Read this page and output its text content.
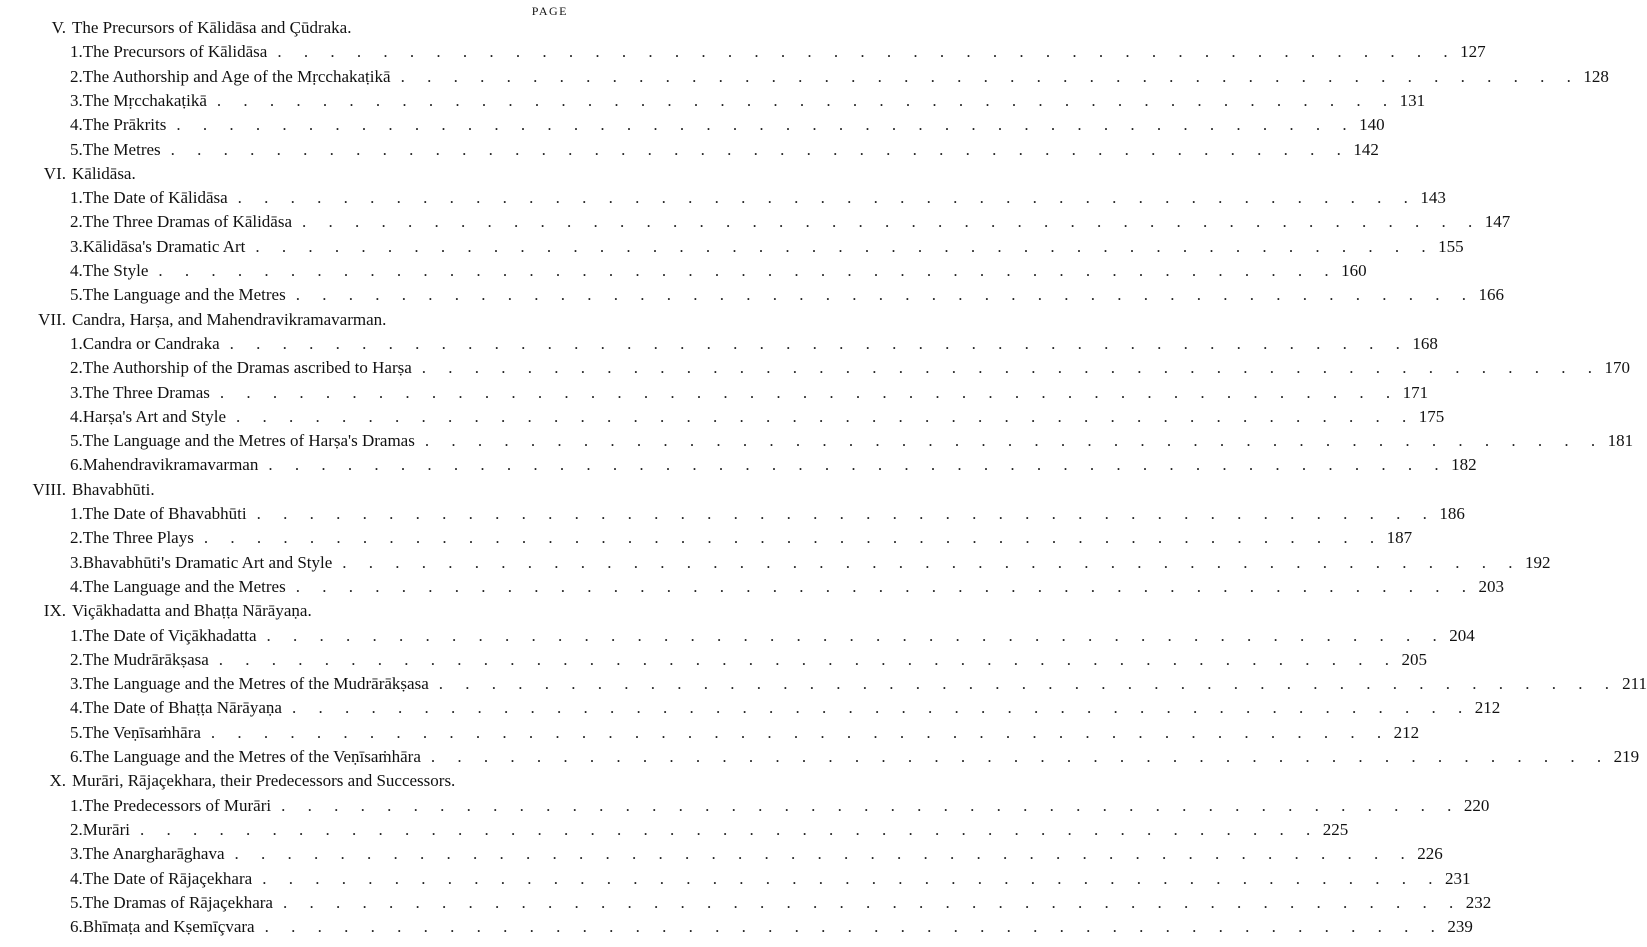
PAGE
V. The Precursors of Kālidāsa and Çūdraka.
1. The Precursors of Kālidāsa . . .	127
2. The Authorship and Age of the Mṛcchakaṭikā . . .	128
3. The Mṛcchakaṭikā . . .	131
4. The Prākrits . . .	140
5. The Metres . . .	142
VI. Kālidāsa.
1. The Date of Kālidāsa . . .	143
2. The Three Dramas of Kālidāsa . . .	147
3. Kālidāsa's Dramatic Art . . .	155
4. The Style . . .	160
5. The Language and the Metres . . .	166
VII. Candra, Harṣa, and Mahendravikramavarman.
1. Candra or Candraka . . .	168
2. The Authorship of the Dramas ascribed to Harṣa . . .	170
3. The Three Dramas . . .	171
4. Harṣa's Art and Style . . .	175
5. The Language and the Metres of Harṣa's Dramas . . .	181
6. Mahendravikramavarman . . .	182
VIII. Bhavabhūti.
1. The Date of Bhavabhūti . . .	186
2. The Three Plays . . .	187
3. Bhavabhūti's Dramatic Art and Style . . .	192
4. The Language and the Metres . . .	203
IX. Viçākhadatta and Bhaṭṭa Nārāyaṇa.
1. The Date of Viçākhadatta . . .	204
2. The Mudrārākṣasa . . .	205
3. The Language and the Metres of the Mudrārākṣasa . . .	211
4. The Date of Bhaṭṭa Nārāyaṇa . . .	212
5. The Veṇīsaṁhāra . . .	212
6. The Language and the Metres of the Veṇīsaṁhāra . . .	219
X. Murāri, Rājaçekhara, their Predecessors and Successors.
1. The Predecessors of Murāri . . .	220
2. Murāri . . .	225
3. The Anargharāghava . . .	226
4. The Date of Rājaçekhara . . .	231
5. The Dramas of Rājaçekhara . . .	232
6. Bhīmaṭa and Kṣemīçvara . . .	239
